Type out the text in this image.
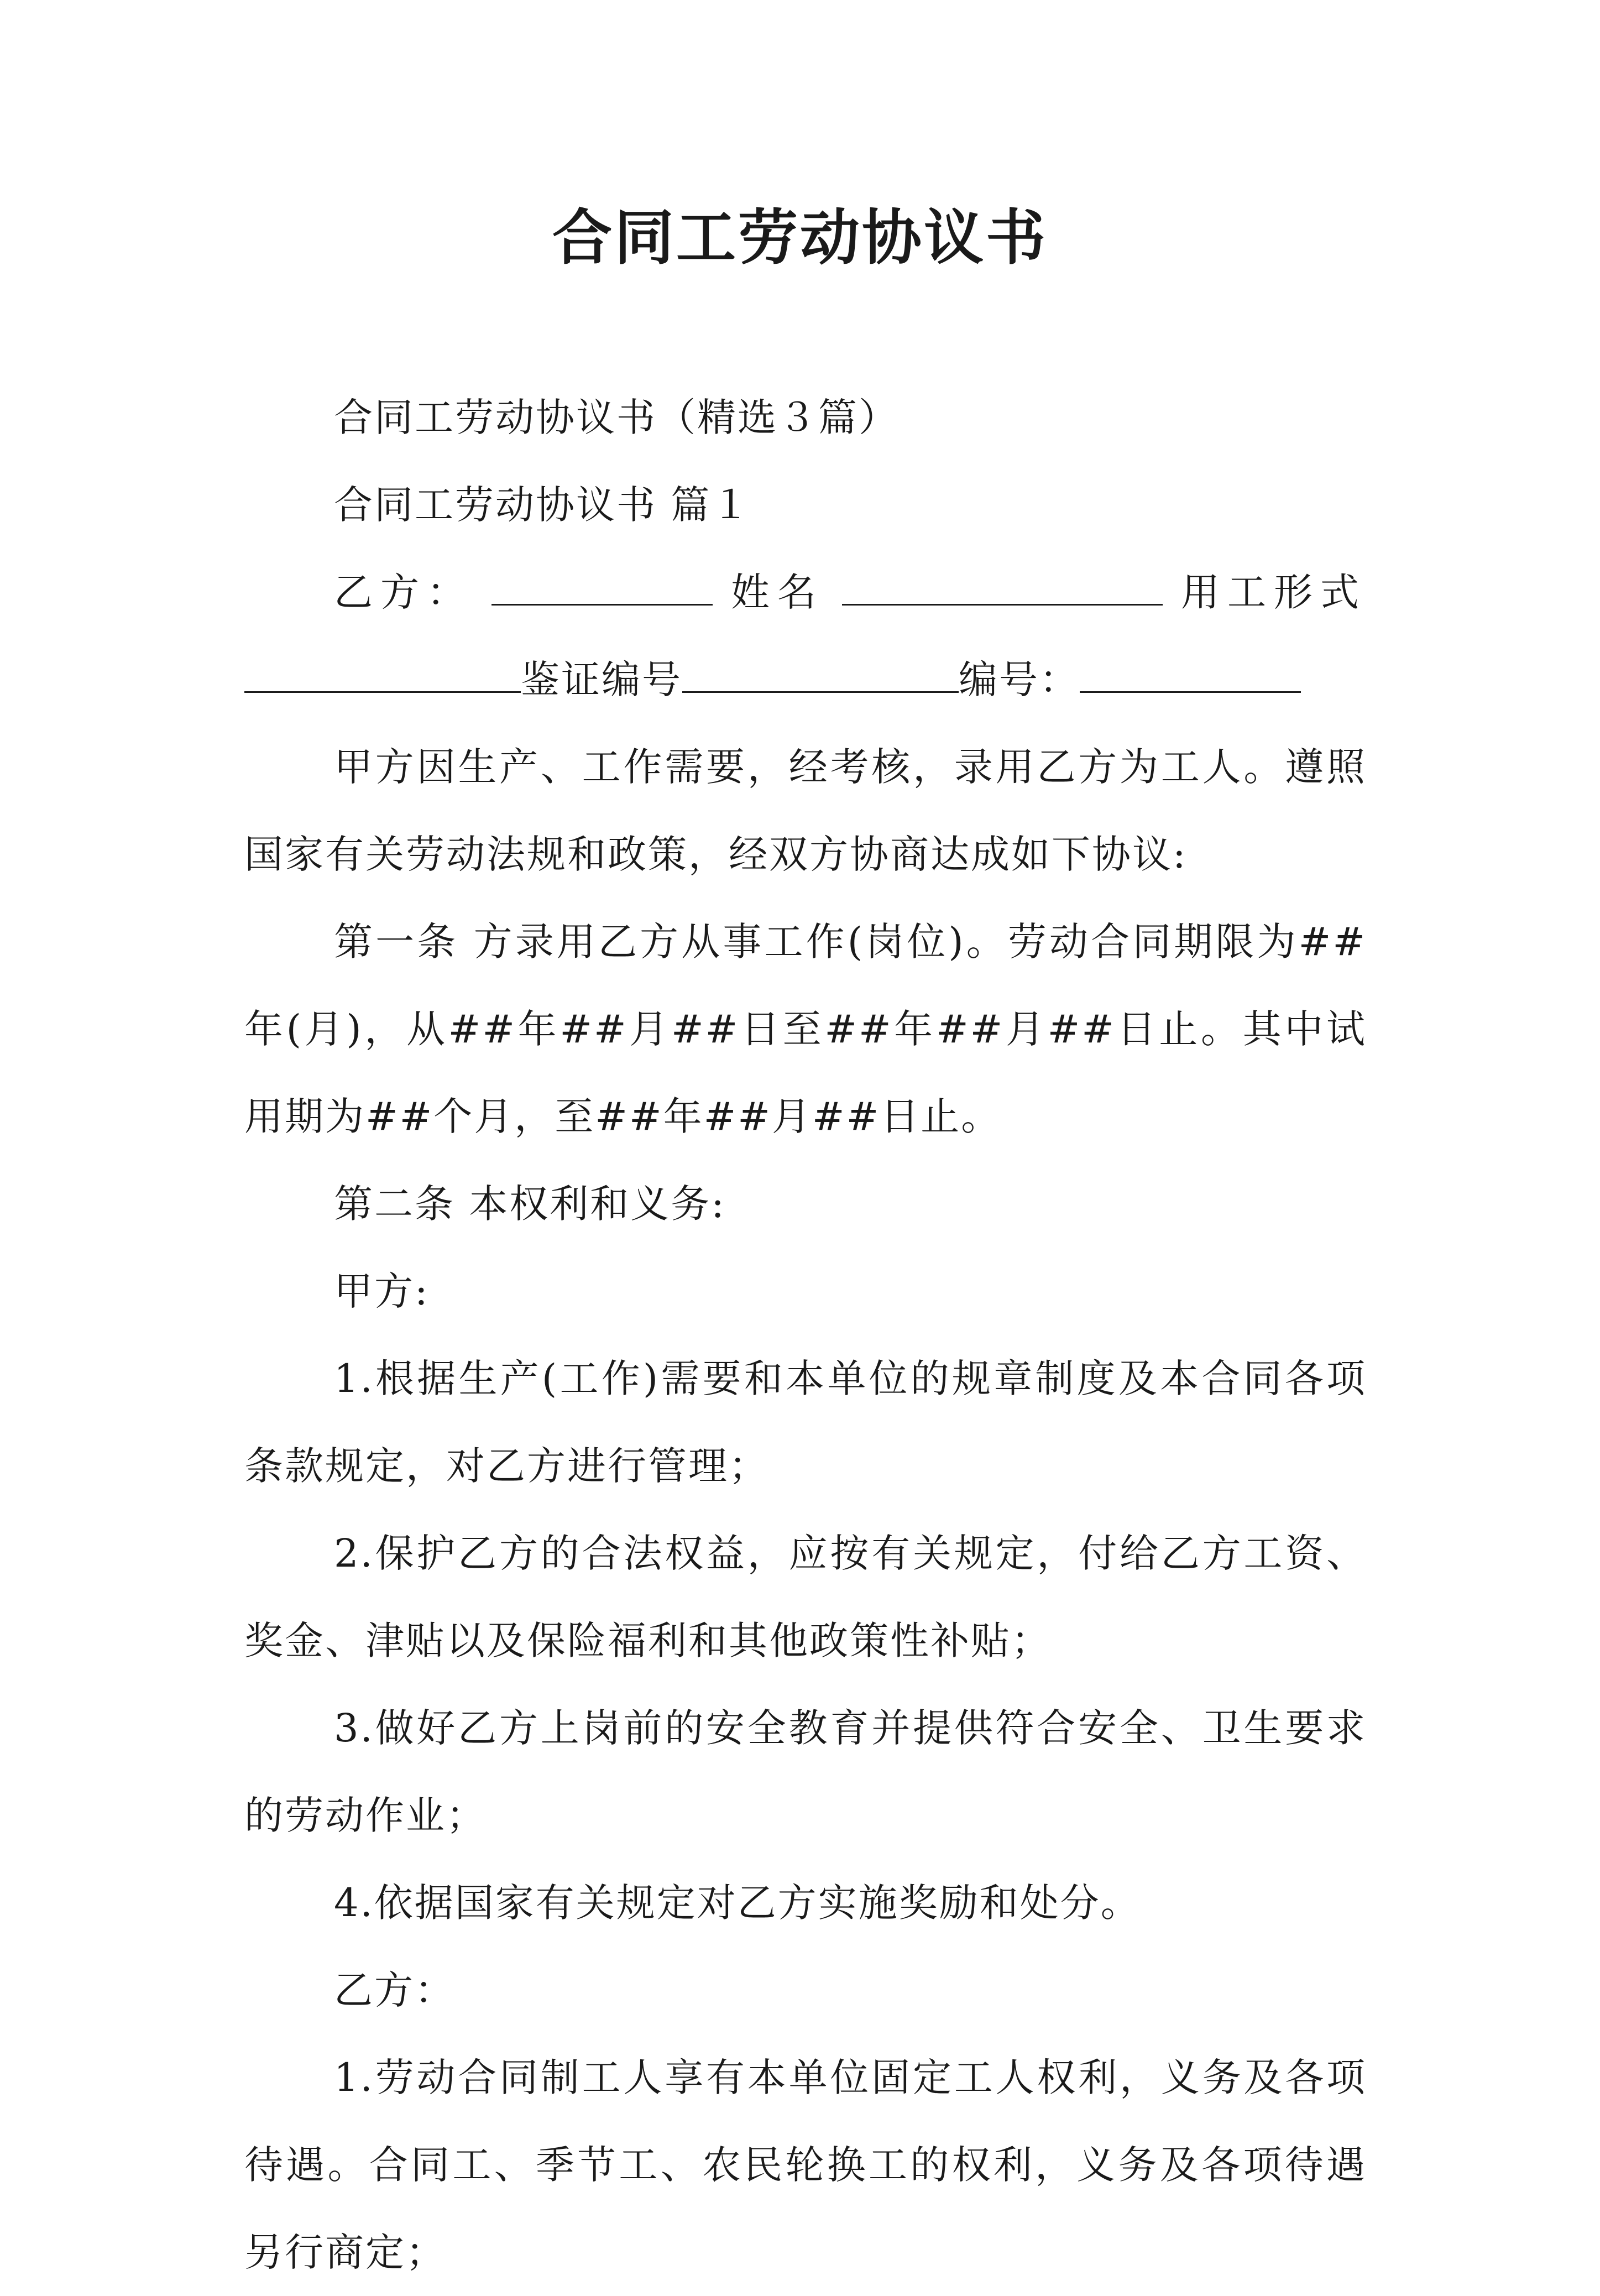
合同工劳动协议书

合同工劳动协议书（精选３篇）

合同工劳动协议书 篇１

乙方：	姓名	用工形式

鉴证编号	编号：

甲方因生产、工作需要，经考核，录用乙方为工人。遵照国家有关劳动法规和政策，经双方协商达成如下协议:

第一条 方录用乙方从事工作(岗位)。劳动合同期限为##年(月)，从##年##月##日至##年##月##日止。其中试用期为##个月，至##年##月##日止。

第二条 本权利和义务:

甲方:

1.根据生产(工作)需要和本单位的规章制度及本合同各项条款规定，对乙方进行管理；

2.保护乙方的合法权益，应按有关规定，付给乙方工资、奖金、津贴以及保险福利和其他政策性补贴；

3.做好乙方上岗前的安全教育并提供符合安全、卫生要求的劳动作业；

4.依据国家有关规定对乙方实施奖励和处分。

乙方：

1.劳动合同制工人享有本单位固定工人权利，义务及各项待遇。合同工、季节工、农民轮换工的权利，义务及各项待遇另行商定；
